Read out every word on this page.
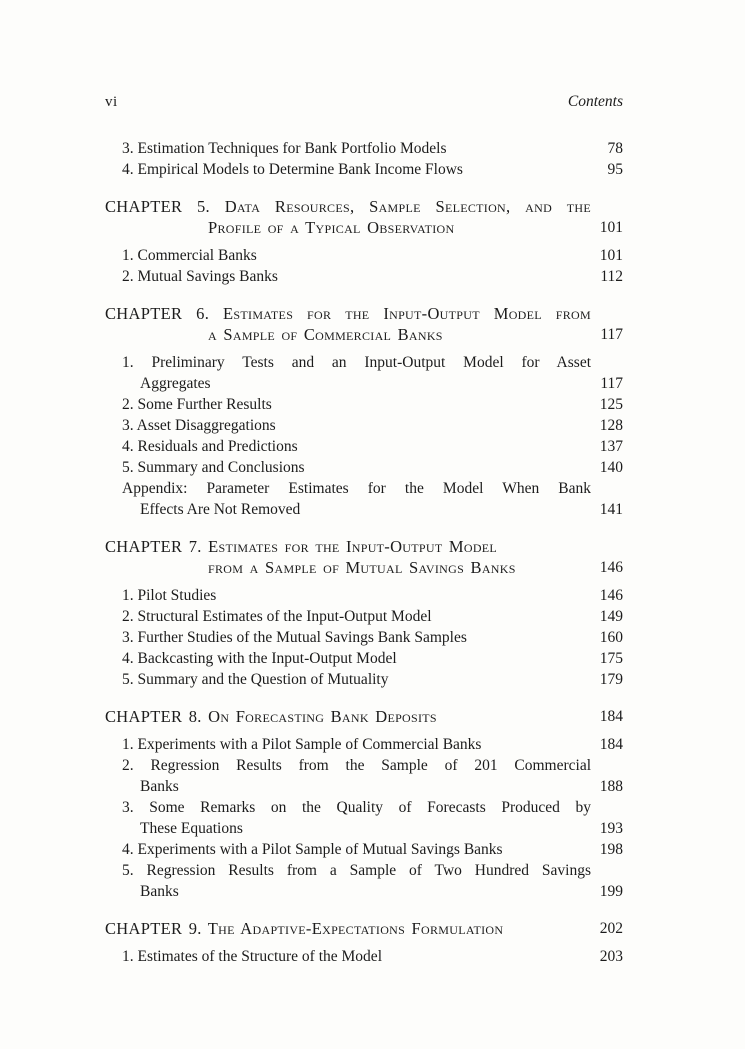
vi	Contents
3. Estimation Techniques for Bank Portfolio Models	78
4. Empirical Models to Determine Bank Income Flows	95
CHAPTER 5. Data Resources, Sample Selection, and the
Profile of a Typical Observation	101
1. Commercial Banks	101
2. Mutual Savings Banks	112
CHAPTER 6. Estimates for the Input-Output Model from
a Sample of Commercial Banks	117
1. Preliminary Tests and an Input-Output Model for Asset
Aggregates	117
2. Some Further Results	125
3. Asset Disaggregations	128
4. Residuals and Predictions	137
5. Summary and Conclusions	140
Appendix: Parameter Estimates for the Model When Bank
Effects Are Not Removed	141
CHAPTER 7. Estimates for the Input-Output Model
from a Sample of Mutual Savings Banks	146
1. Pilot Studies	146
2. Structural Estimates of the Input-Output Model	149
3. Further Studies of the Mutual Savings Bank Samples	160
4. Backcasting with the Input-Output Model	175
5. Summary and the Question of Mutuality	179
CHAPTER 8. On Forecasting Bank Deposits	184
1. Experiments with a Pilot Sample of Commercial Banks	184
2. Regression Results from the Sample of 201 Commercial
Banks	188
3. Some Remarks on the Quality of Forecasts Produced by
These Equations	193
4. Experiments with a Pilot Sample of Mutual Savings Banks	198
5. Regression Results from a Sample of Two Hundred Savings
Banks	199
CHAPTER 9. The Adaptive-Expectations Formulation	202
1. Estimates of the Structure of the Model	203
